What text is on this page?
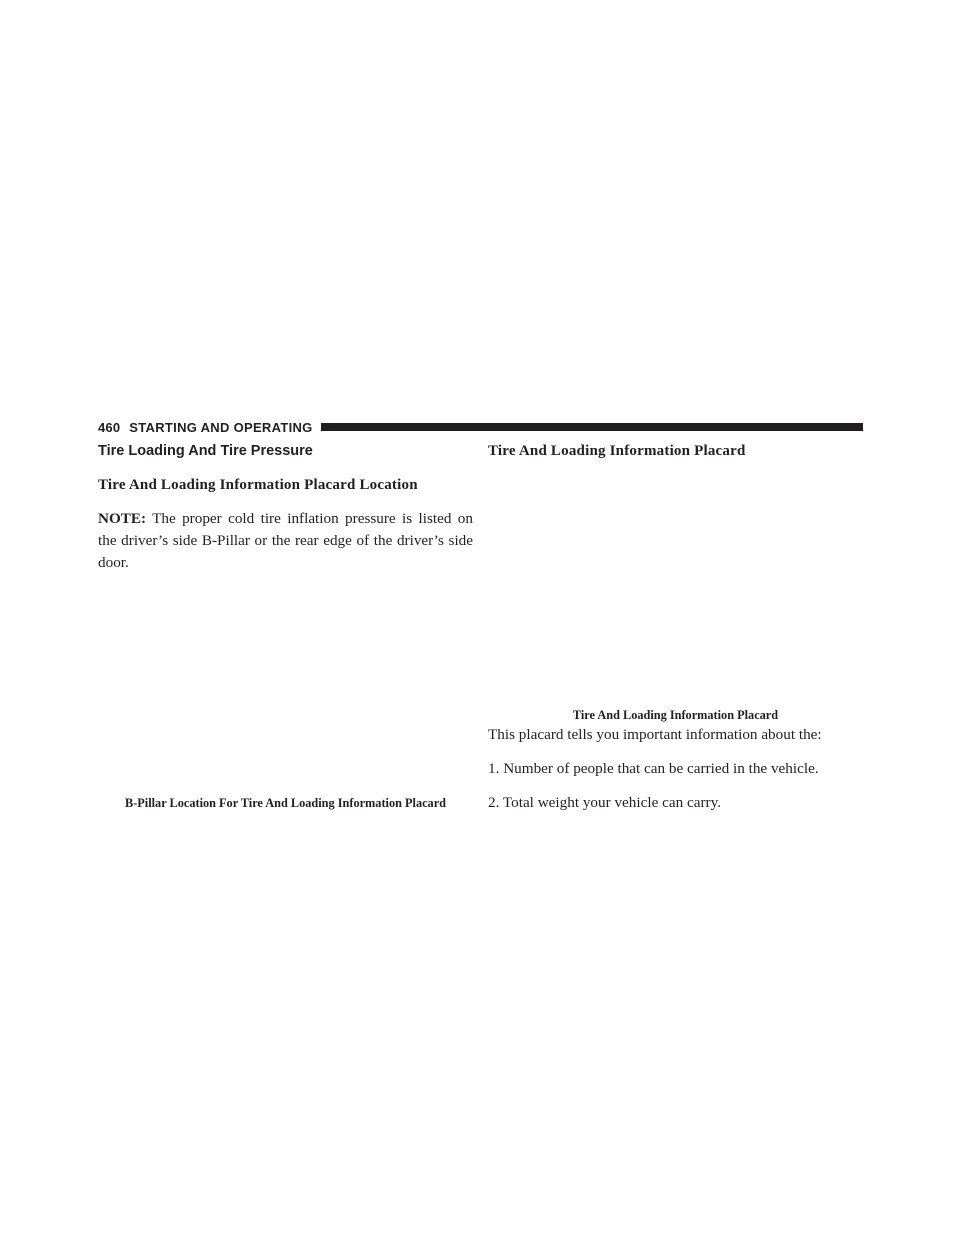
460 STARTING AND OPERATING
Tire Loading And Tire Pressure
Tire And Loading Information Placard Location

NOTE: The proper cold tire inflation pressure is listed on the driver’s side B-Pillar or the rear edge of the driver’s side door.

B-Pillar Location For Tire And Loading Information Placard
Tire And Loading Information Placard
Tire And Loading Information Placard

This placard tells you important information about the:

1. Number of people that can be carried in the vehicle.

2. Total weight your vehicle can carry.
